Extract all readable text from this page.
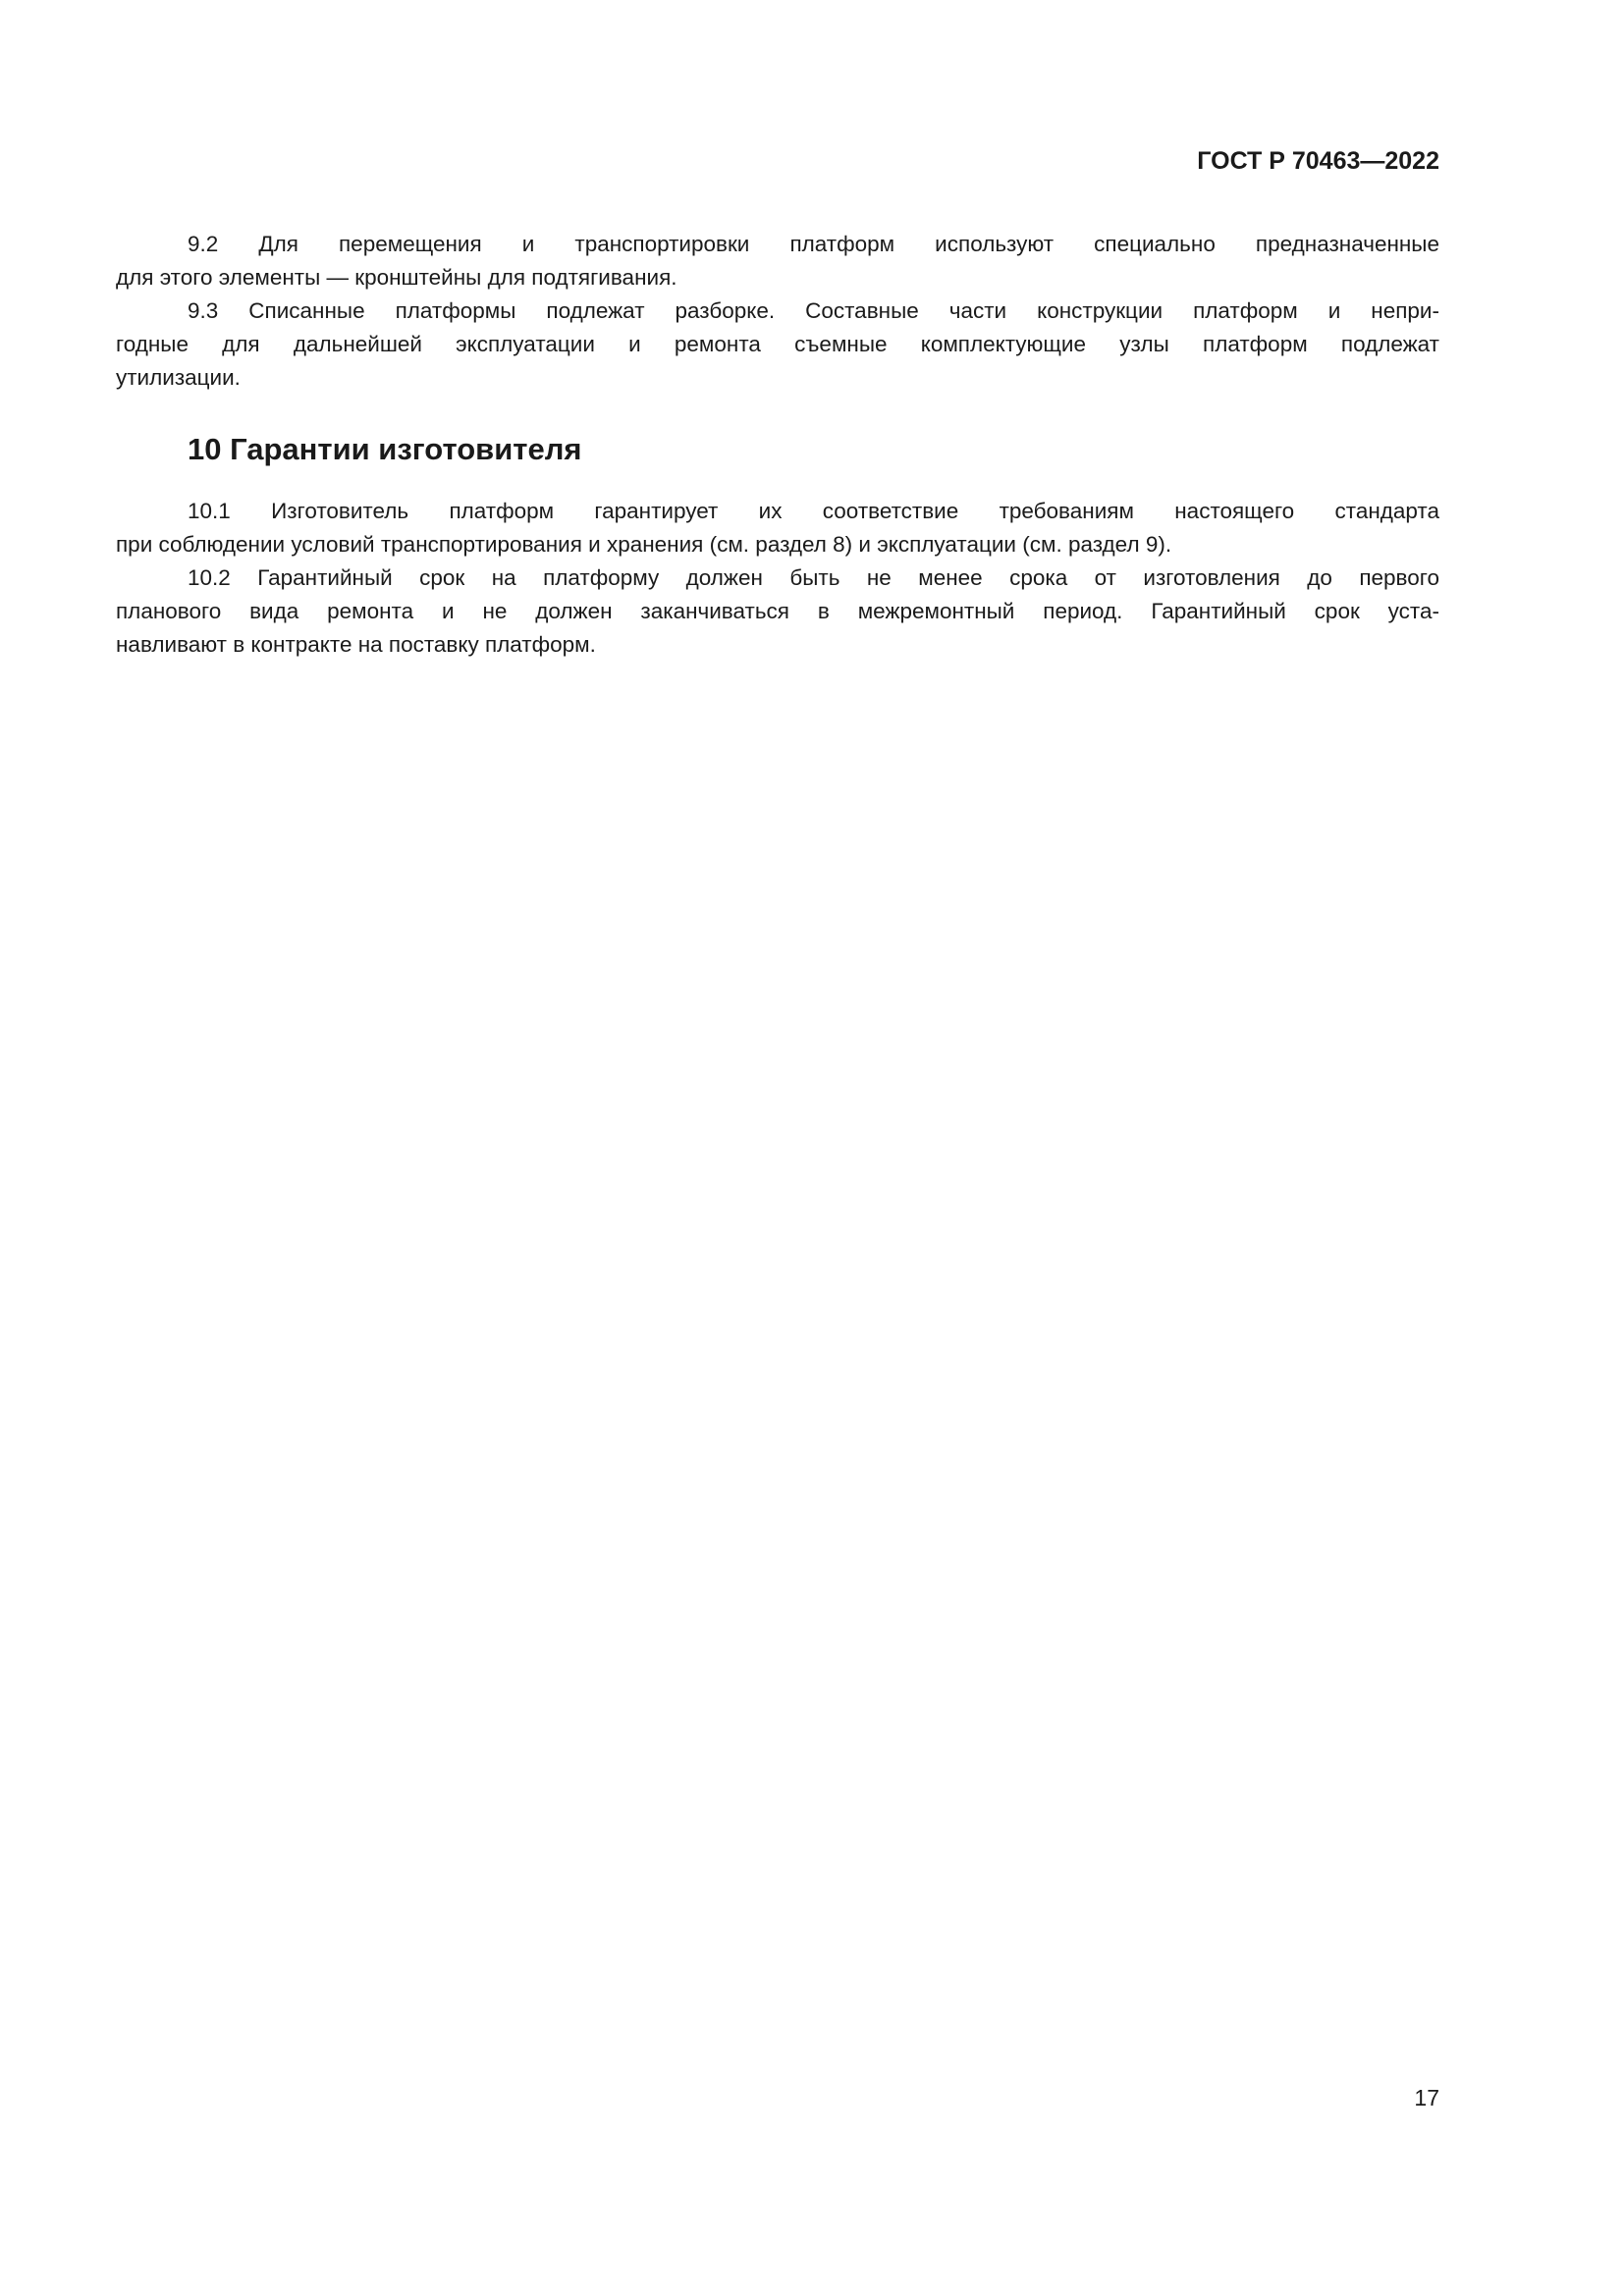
ГОСТ Р 70463—2022
9.2 Для перемещения и транспортировки платформ используют специально предназначенные
для этого элементы — кронштейны для подтягивания.
9.3 Списанные платформы подлежат разборке. Составные части конструкции платформ и непри-
годные для дальнейшей эксплуатации и ремонта съемные комплектующие узлы платформ подлежат
утилизации.
10 Гарантии изготовителя
10.1 Изготовитель платформ гарантирует их соответствие требованиям настоящего стандарта
при соблюдении условий транспортирования и хранения (см. раздел 8) и эксплуатации (см. раздел 9).
10.2 Гарантийный срок на платформу должен быть не менее срока от изготовления до первого
планового вида ремонта и не должен заканчиваться в межремонтный период. Гарантийный срок уста-
навливают в контракте на поставку платформ.
17
